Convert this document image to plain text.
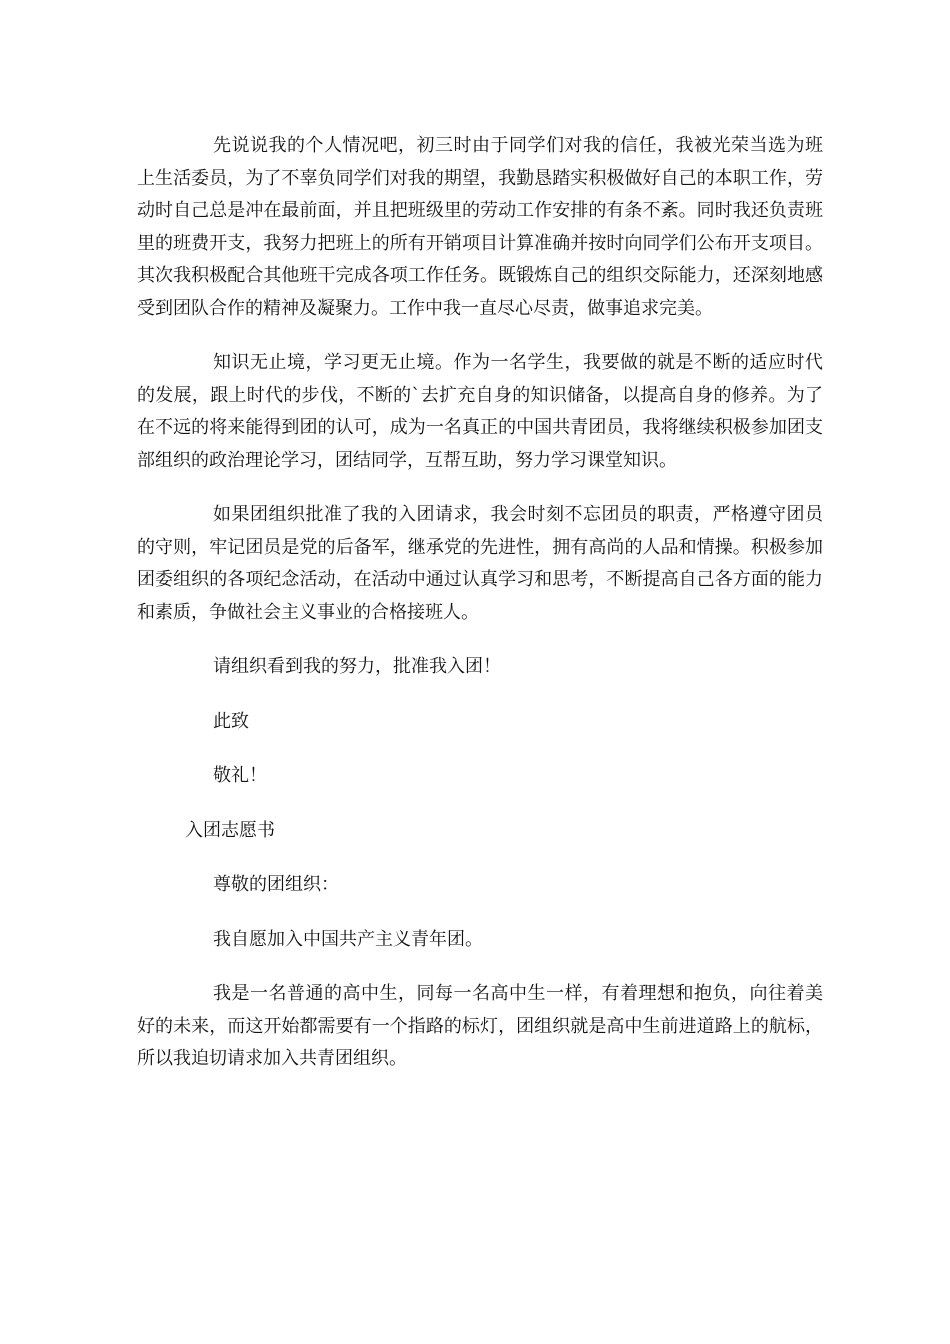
先说说我的个人情况吧，初三时由于同学们对我的信任，我被光荣当选为班上生活委员，为了不辜负同学们对我的期望，我勤恳踏实积极做好自己的本职工作，劳动时自己总是冲在最前面，并且把班级里的劳动工作安排的有条不紊。同时我还负责班里的班费开支，我努力把班上的所有开销项目计算准确并按时向同学们公布开支项目。其次我积极配合其他班干完成各项工作任务。既锻炼自己的组织交际能力，还深刻地感受到团队合作的精神及凝聚力。工作中我一直尽心尽责，做事追求完美。

知识无止境，学习更无止境。作为一名学生，我要做的就是不断的适应时代的发展，跟上时代的步伐，不断的`去扩充自身的知识储备，以提高自身的修养。为了在不远的将来能得到团的认可，成为一名真正的中国共青团员，我将继续积极参加团支部组织的政治理论学习，团结同学，互帮互助，努力学习课堂知识。

如果团组织批准了我的入团请求，我会时刻不忘团员的职责，严格遵守团员的守则，牢记团员是党的后备军，继承党的先进性，拥有高尚的人品和情操。积极参加团委组织的各项纪念活动，在活动中通过认真学习和思考，不断提高自己各方面的能力和素质，争做社会主义事业的合格接班人。

请组织看到我的努力，批准我入团！

此致

敬礼！

入团志愿书

尊敬的团组织：

我自愿加入中国共产主义青年团。

我是一名普通的高中生，同每一名高中生一样，有着理想和抱负，向往着美好的未来，而这开始都需要有一个指路的标灯，团组织就是高中生前进道路上的航标，所以我迫切请求加入共青团组织。
